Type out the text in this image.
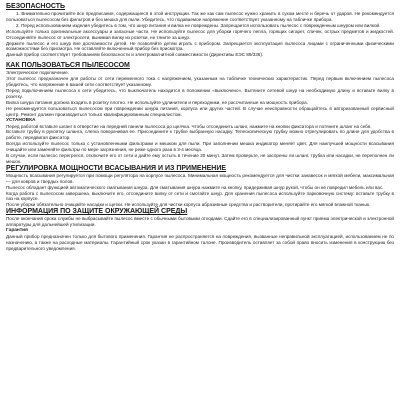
БЕЗОПАСНОСТЬ

1. Внимательно прочитайте все предписания, содержащиеся в этой инструкции. Так же как сам пылесос нужно хранить в сухом месте и беречь от ударов. Не рекомендуется пользоваться пылесосом без фильтров и без мешка для пыли. Убедитесь, что подаваемое напряжение соответствует указанному на табличке прибора.

2. Перед использованием изделия убедитесь в том, что шнур питания и вилка не повреждены. Запрещается использовать пылесос с поврежденным шнуром или вилкой.

Используйте только оригинальные аксессуары и запасные части. Не используйте пылесос для уборки горячего пепла, горящих сигарет, спичек, острых предметов и жидкостей. Отсоединяйте пылесос от электросети, вынимая вилку из розетки, не тяните за шнур.

Держите пылесос и его шнур вне досягаемости детей. Не позволяйте детям играть с прибором. Запрещается эксплуатация пылесоса лицами с ограниченными физическими возможностями без присмотра. Не оставляйте включенный прибор без присмотра.

Данный прибор соответствует требованиям безопасности и электромагнитной совместимости (Директивы ЕЭС 89/336).

КАК ПОЛЬЗОВАТЬСЯ ПЫЛЕСОСОМ

Электрическое подключение.

Этот пылесос предназначен для работы от сети переменного тока с напряжением, указанным на табличке технических характеристик. Перед первым включением пылесоса убедитесь, что напряжение в вашей сети соответствует указанному.

Перед подключением пылесоса к сети убедитесь, что выключатель находится в положении «выключено». Вытяните сетевой шнур на необходимую длину и вставьте вилку в розетку.

Вилка шнура питания должна входить в розетку плотно. Не используйте удлинители и переходники, не рассчитанные на мощность прибора.

Не рекомендуется пользоваться пылесосом при повреждении шнура питания, корпуса или других частей. В случае неисправности обращайтесь в авторизованный сервисный центр. Ремонт должен производиться только квалифицированным специалистом.

УСТАНОВКА

Перед работой вставьте шланг в отверстие на передней панели пылесоса до щелчка. Чтобы отсоединить шланг, нажмите на кнопки фиксатора и потяните шланг на себя.

Вставьте трубку в рукоятку шланга, слегка поворачивая ее. Присоедините к трубке выбранную насадку. Телескопическую трубку можно отрегулировать по длине для удобства в работе, передвигая фиксатор.

Всегда используйте пылесос только с установленными фильтрами и мешком для пыли. При заполнении мешка индикатор меняет цвет. Для наилучшей мощности всасывания очищайте или заменяйте фильтры по мере загрязнения, не реже одного раза в 3-4 месяца.

В случае, если пылесос перегрелся, отключите его от сети и дайте ему остыть в течение 30 минут. Затем проверьте, не засорены ли шланг, трубка или насадки, не переполнен ли мешок.

РЕГУЛИРОВКА МОЩНОСТИ ВСАСЫВАНИЯ И ИЗ ПРИМЕНЕНИЕ

Мощность всасывания регулируется при помощи регулятора на корпусе пылесоса. Минимальная мощность рекомендуется для чистки занавесок и мягкой мебели, максимальная — для ковров и твердых полов.

Пылесос обладает функцией автоматического сматывания шнура. Для сматывания шнура нажмите на кнопку, придерживая шнур рукой, чтобы он не повредил мебель или вас.

Когда работа с пылесосом завершена, выключите его, отсоедините вилку от сети и смотайте шнур. Для хранения пылесоса используйте парковочную систему: вставьте трубку в паз на корпусе.

После уборки обязательно очищайте насадки и щетки. Не используйте для чистки корпуса абразивные средства и растворители, протирайте его мягкой влажной тканью.

ИНФОРМАЦИЯ ПО ЗАЩИТЕ ОКРУЖАЮЩЕЙ СРЕДЫ

После окончания срока службы не выбрасывайте пылесос вместе с обычными бытовыми отходами. Сдайте его в специализированный пункт приема электрической и электронной аппаратуры для дальнейшей утилизации.

Гарантия

Данный прибор предназначен только для бытового применения. Гарантия не распространяется на повреждения, вызванные неправильной эксплуатацией, использованием не по назначению, а также на расходные материалы. Гарантийный срок указан в гарантийном талоне. Производитель оставляет за собой право вносить изменения в конструкцию без предварительного уведомления.
